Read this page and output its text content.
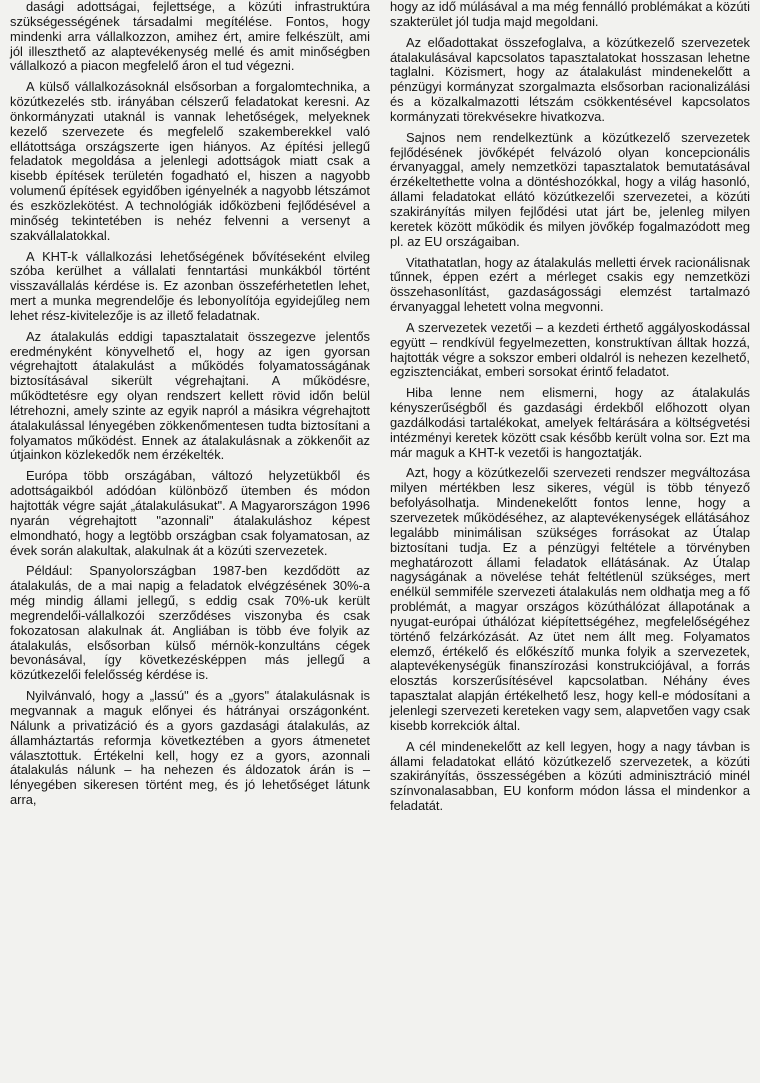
dasági adottságai, fejlettsége, a közúti infrastruktúra szükségességének társadalmi megítélése. Fontos, hogy mindenki arra vállalkozzon, amihez ért, amire felkészült, ami jól illeszthető az alaptevékenység mellé és amit minőségben vállalkozó a piacon megfelelő áron el tud végezni.

A külső vállalkozásoknál elsősorban a forgalomtechnika, a közútkezelés stb. irányában célszerű feladatokat keresni. Az önkormányzati utaknál is vannak lehetőségek, melyeknek kezelő szervezete és megfelelő szakemberekkel való ellátottsága országszerte igen hiányos. Az építési jellegű feladatok megoldása a jelenlegi adottságok miatt csak a kisebb építések területén fogadható el, hiszen a nagyobb volumenű építések egyidőben igényelnék a nagyobb létszámot és eszközlekötést. A technológiák időközbeni fejlődésével a minőség tekintetében is nehéz felvenni a versenyt a szakvállalatokkal.

A KHT-k vállalkozási lehetőségének bővítéseként elvileg szóba kerülhet a vállalati fenntartási munkákból történt visszavállalás kérdése is. Ez azonban összeférhetetlen lehet, mert a munka megrendelője és lebonyolítója egyidejűleg nem lehet rész-kivitelezője is az illető feladatnak.

Az átalakulás eddigi tapasztalatait összegezve jelentős eredményként könyvelhető el, hogy az igen gyorsan végrehajtott átalakulást a működés folyamatosságának biztosításával sikerült végrehajtani. A működésre, működtetésre egy olyan rendszert kellett rövid időn belül létrehozni, amely szinte az egyik napról a másikra végrehajtott átalakulással lényegében zökkenőmentesen tudta biztosítani a folyamatos működést. Ennek az átalakulásnak a zökkenőit az útjainkon közlekedők nem érzékelték.

Európa több országában, változó helyzetükből és adottságaikból adódóan különböző ütemben és módon hajtották végre saját „átalakulásukat". A Magyarországon 1996 nyarán végrehajtott "azonnali" átalakuláshoz képest elmondható, hogy a legtöbb országban csak folyamatosan, az évek során alakultak, alakulnak át a közúti szervezetek.

Például: Spanyolországban 1987-ben kezdődött az átalakulás, de a mai napig a feladatok elvégzésének 30%-a még mindig állami jellegű, s eddig csak 70%-uk került megrendelői-vállalkozói szerződéses viszonyba és csak fokozatosan alakulnak át. Angliában is több éve folyik az átalakulás, elsősorban külső mérnök-konzultáns cégek bevonásával, így következésképpen más jellegű a közútkezelői felelősség kérdése is.

Nyilvánvaló, hogy a „lassú" és a „gyors" átalakulásnak is megvannak a maguk előnyei és hátrányai országonként. Nálunk a privatizáció és a gyors gazdasági átalakulás, az államháztartás reformja következtében a gyors átmenetet választottuk. Értékelni kell, hogy ez a gyors, azonnali átalakulás nálunk – ha nehezen és áldozatok árán is – lényegében sikeresen történt meg, és jó lehetőséget látunk arra,

hogy az idő múlásával a ma még fennálló problémákat a közúti szakterület jól tudja majd megoldani.

Az előadottakat összefoglalva, a közútkezelő szervezetek átalakulásával kapcsolatos tapasztalatokat hosszasan lehetne taglalni. Közismert, hogy az átalakulást mindenekelőtt a pénzügyi kormányzat szorgalmazta elsősorban racionalizálási és a közalkalmazotti létszám csökkentésével kapcsolatos kormányzati törekvésekre hivatkozva.

Sajnos nem rendelkeztünk a közútkezelő szervezetek fejlődésének jövőképét felvázoló olyan koncepcionális érvanyaggal, amely nemzetközi tapasztalatok bemutatásával érzékeltethette volna a döntéshozókkal, hogy a világ hasonló, állami feladatokat ellátó közútkezelői szervezetei, a közúti szakirányítás milyen fejlődési utat járt be, jelenleg milyen keretek között működik és milyen jövőkép fogalmazódott meg pl. az EU országaiban.

Vitathatatlan, hogy az átalakulás melletti érvek racionálisnak tűnnek, éppen ezért a mérleget csakis egy nemzetközi összehasonlítást, gazdaságossági elemzést tartalmazó érvanyaggal lehetett volna megvonni.

A szervezetek vezetői – a kezdeti érthető aggályoskodással együtt – rendkívül fegyelmezetten, konstruktívan álltak hozzá, hajtották végre a sokszor emberi oldalról is nehezen kezelhető, egzisztenciákat, emberi sorsokat érintő feladatot.

Hiba lenne nem elismerni, hogy az átalakulás kényszerűségből és gazdasági érdekből előhozott olyan gazdálkodási tartalékokat, amelyek feltárására a költségvetési intézményi keretek között csak később került volna sor. Ezt ma már maguk a KHT-k vezetői is hangoztatják.

Azt, hogy a közútkezelői szervezeti rendszer megváltozása milyen mértékben lesz sikeres, végül is több tényező befolyásolhatja. Mindenekelőtt fontos lenne, hogy a szervezetek működéséhez, az alaptevékenységek ellátásához legalább minimálisan szükséges forrásokat az Útalap biztosítani tudja. Ez a pénzügyi feltétele a törvényben meghatározott állami feladatok ellátásának. Az Útalap nagyságának a növelése tehát feltétlenül szükséges, mert enélkül semmiféle szervezeti átalakulás nem oldhatja meg a fő problémát, a magyar országos közúthálózat állapotának a nyugat-európai úthálózat kiépítettségéhez, megfelelőségéhez történő felzárkózását. Az ütet nem állt meg. Folyamatos elemző, értékelő és előkészítő munka folyik a szervezetek, alaptevékenységük finanszírozási konstrukciójával, a forrás elosztás korszerűsítésével kapcsolatban. Néhány éves tapasztalat alapján értékelhető lesz, hogy kell-e módosítani a jelenlegi szervezeti kereteken vagy sem, alapvetően vagy csak kisebb korrekciók által.

A cél mindenekelőtt az kell legyen, hogy a nagy távban is állami feladatokat ellátó közútkezelő szervezetek, a közúti szakirányítás, összességében a közúti adminisztráció minél színvonalasabban, EU konform módon lássa el mindenkor a feladatát.
